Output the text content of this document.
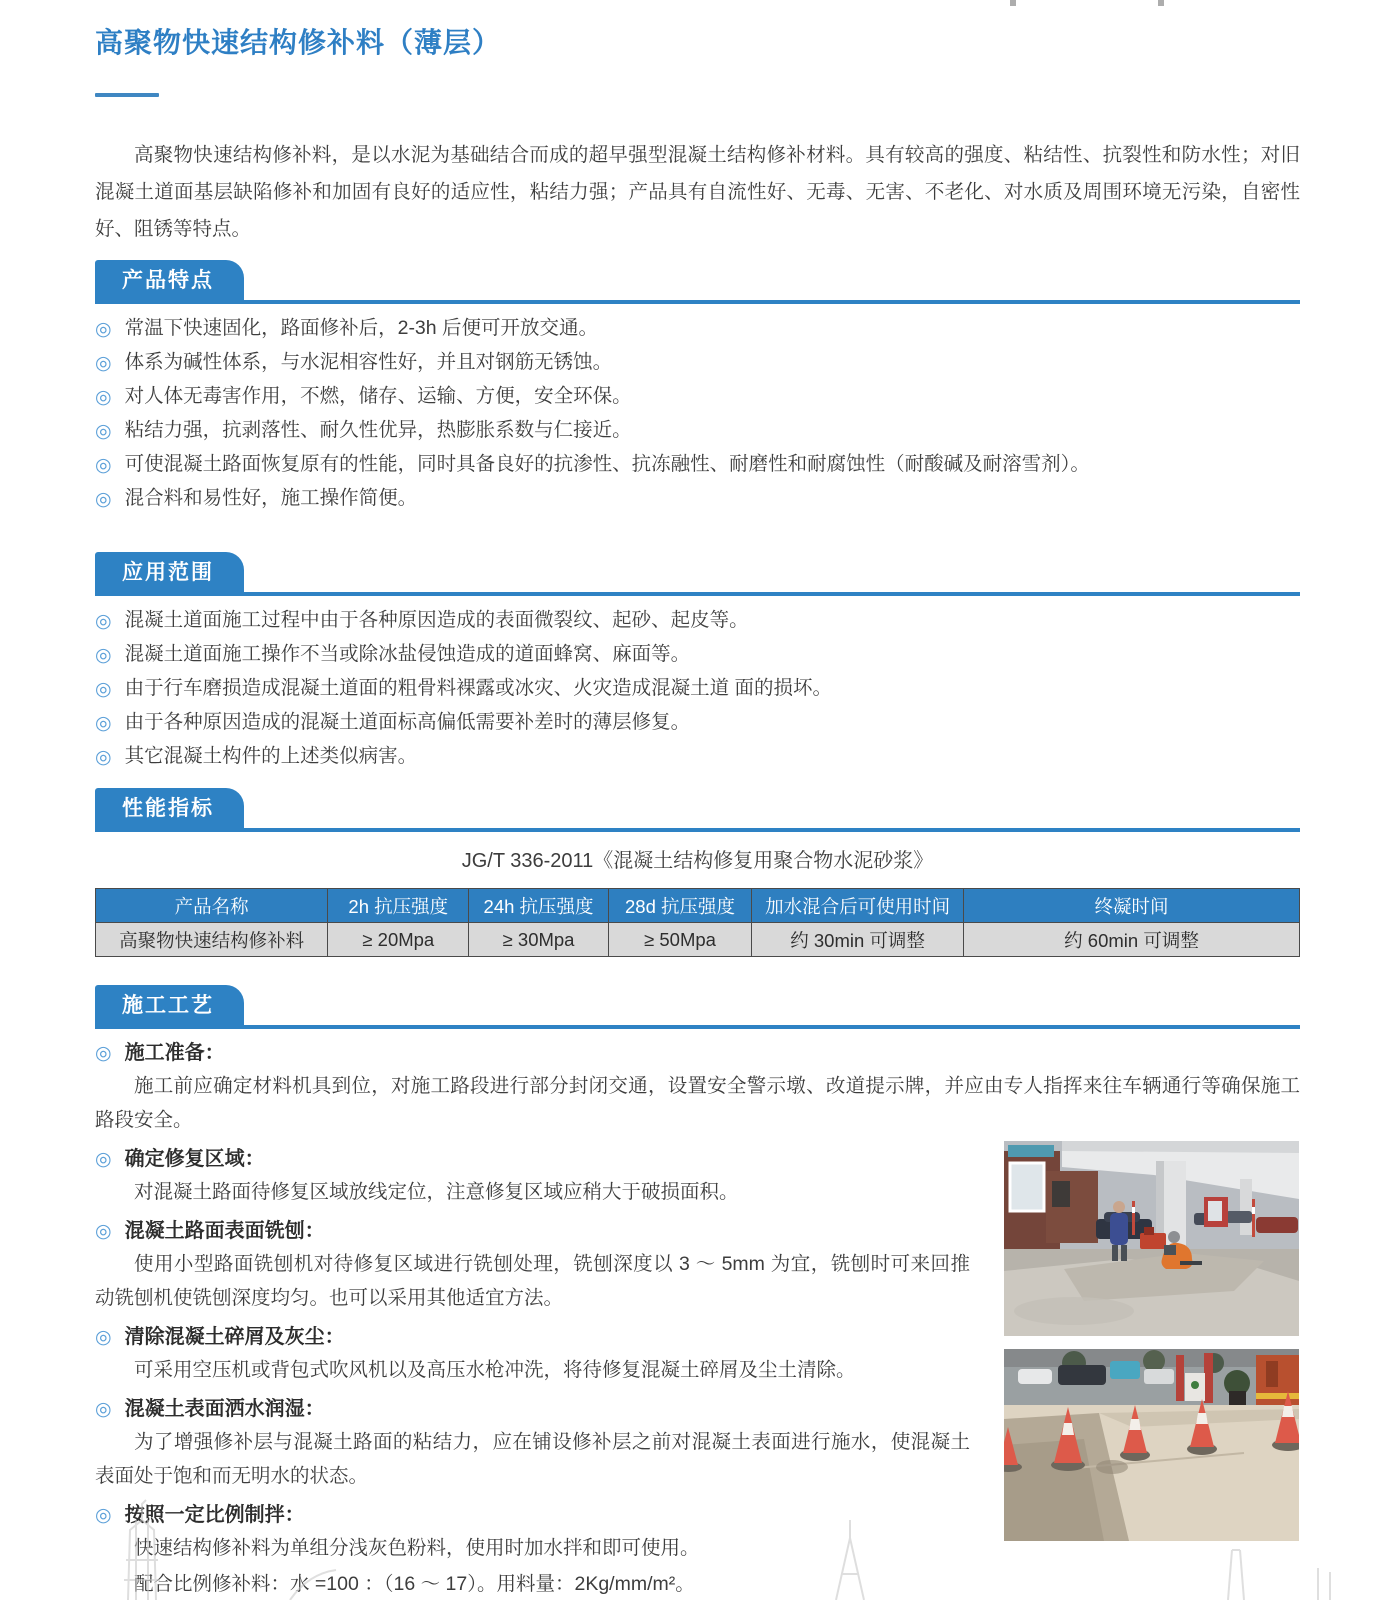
高聚物快速结构修补料（薄层）

高聚物快速结构修补料，是以水泥为基础结合而成的超早强型混凝土结构修补材料。具有较高的强度、粘结性、抗裂性和防水性；对旧混凝土道面基层缺陷修补和加固有良好的适应性，粘结力强；产品具有自流性好、无毒、无害、不老化、对水质及周围环境无污染，自密性好、阻锈等特点。

产品特点
◎ 常温下快速固化，路面修补后，2-3h 后便可开放交通。
◎ 体系为碱性体系，与水泥相容性好，并且对钢筋无锈蚀。
◎ 对人体无毒害作用，不燃，储存、运输、方便，安全环保。
◎ 粘结力强，抗剥落性、耐久性优异，热膨胀系数与仁接近。
◎ 可使混凝土路面恢复原有的性能，同时具备良好的抗渗性、抗冻融性、耐磨性和耐腐蚀性（耐酸碱及耐溶雪剂）。
◎ 混合料和易性好，施工操作简便。
应用范围
◎ 混凝土道面施工过程中由于各种原因造成的表面微裂纹、起砂、起皮等。
◎ 混凝土道面施工操作不当或除冰盐侵蚀造成的道面蜂窝、麻面等。
◎ 由于行车磨损造成混凝土道面的粗骨料裸露或冰灾、火灾造成混凝土道 面的损坏。
◎ 由于各种原因造成的混凝土道面标高偏低需要补差时的薄层修复。
◎ 其它混凝土构件的上述类似病害。
性能指标
JG/T 336-2011《混凝土结构修复用聚合物水泥砂浆》
产品名称	2h 抗压强度	24h 抗压强度	28d 抗压强度	加水混合后可使用时间	终凝时间
高聚物快速结构修补料	≥ 20Mpa	≥ 30Mpa	≥ 50Mpa	约 30min 可调整	约 60min 可调整
施工工艺
◎ 施工准备：

施工前应确定材料机具到位，对施工路段进行部分封闭交通，设置安全警示墩、改道提示牌，并应由专人指挥来往车辆通行等确保施工路段安全。

◎ 确定修复区域：

对混凝土路面待修复区域放线定位，注意修复区域应稍大于破损面积。

◎ 混凝土路面表面铣刨：

使用小型路面铣刨机对待修复区域进行铣刨处理，铣刨深度以 3 ～ 5mm 为宜，铣刨时可来回推动铣刨机使铣刨深度均匀。也可以采用其他适宜方法。

◎ 清除混凝土碎屑及灰尘：

可采用空压机或背包式吹风机以及高压水枪冲洗，将待修复混凝土碎屑及尘土清除。

◎ 混凝土表面洒水润湿：

为了增强修补层与混凝土路面的粘结力，应在铺设修补层之前对混凝土表面进行施水，使混凝土表面处于饱和而无明水的状态。

◎ 按照一定比例制拌：

快速结构修补料为单组分浅灰色粉料，使用时加水拌和即可使用。

配合比例修补料：水 =100 ：（16 ～ 17）。用料量：2Kg/mm/m²。
